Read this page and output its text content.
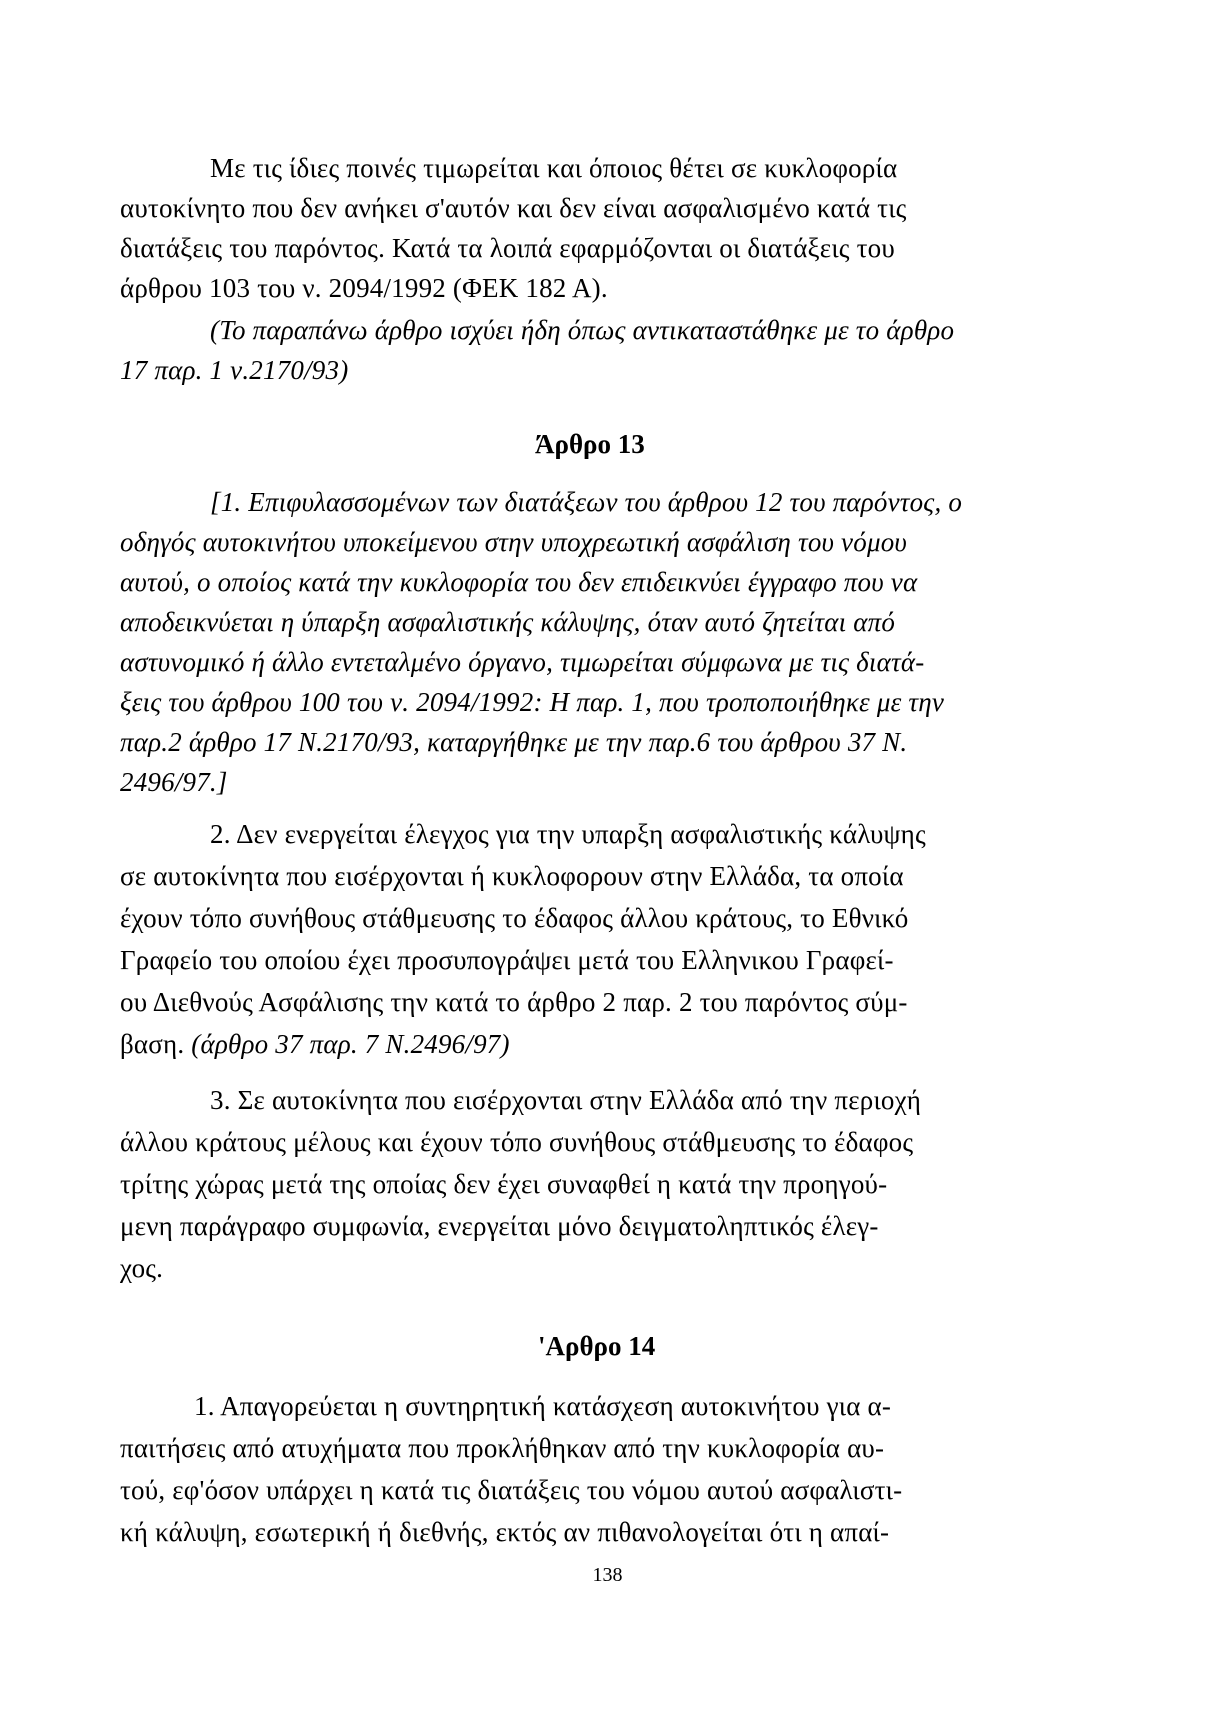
Με τις ίδιες ποινές τιμωρείται και όποιος θέτει σε κυκλοφορία
αυτοκίνητο που δεν ανήκει σ'αυτόν και δεν είναι ασφαλισμένο κατά τις
διατάξεις του παρόντος. Κατά τα λοιπά εφαρμόζονται οι διατάξεις του
άρθρου 103 του ν. 2094/1992 (ΦΕΚ 182 Α).
(Το παραπάνω άρθρο ισχύει ήδη όπως αντικαταστάθηκε με το άρθρο
17 παρ. 1 ν.2170/93)
Άρθρο 13
[1. Επιφυλασσομένων των διατάξεων του άρθρου 12 του παρόντος, ο
οδηγός αυτοκινήτου υποκείμενου στην υποχρεωτική ασφάλιση του νόμου
αυτού, ο οποίος κατά την κυκλοφορία του δεν επιδεικνύει έγγραφο που να
αποδεικνύεται η ύπαρξη ασφαλιστικής κάλυψης, όταν αυτό ζητείται από
αστυνομικό ή άλλο εντεταλμένο όργανο, τιμωρείται σύμφωνα με τις διατά-
ξεις του άρθρου 100 του ν. 2094/1992: Η παρ. 1, που τροποποιήθηκε με την
παρ.2 άρθρο 17 Ν.2170/93, καταργήθηκε με την παρ.6 του άρθρου 37 Ν.
2496/97.]
2. Δεν ενεργείται έλεγχος για την υπαρξη ασφαλιστικής κάλυψης
σε αυτοκίνητα που εισέρχονται ή κυκλοφορουν στην Ελλάδα, τα οποία
έχουν τόπο συνήθους στάθμευσης το έδαφος άλλου κράτους, το Εθνικό
Γραφείο του οποίου έχει προσυπογράψει μετά του Ελληνικου Γραφεί-
ου Διεθνούς Ασφάλισης την κατά το άρθρο 2 παρ. 2 του παρόντος σύμ-
βαση. (άρθρο 37 παρ. 7 Ν.2496/97)
3. Σε αυτοκίνητα που εισέρχονται στην Ελλάδα από την περιοχή
άλλου κράτους μέλους και έχουν τόπο συνήθους στάθμευσης το έδαφος
τρίτης χώρας μετά της οποίας δεν έχει συναφθεί η κατά την προηγού-
μενη παράγραφο συμφωνία, ενεργείται μόνο δειγματοληπτικός έλεγ-
χος.
'Αρθρο 14
1. Απαγορεύεται η συντηρητική κατάσχεση αυτοκινήτου για α-
παιτήσεις από ατυχήματα που προκλήθηκαν από την κυκλοφορία αυ-
τού, εφ'όσον υπάρχει η κατά τις διατάξεις του νόμου αυτού ασφαλιστι-
κή κάλυψη, εσωτερική ή διεθνής, εκτός αν πιθανολογείται ότι η απαί-
138
